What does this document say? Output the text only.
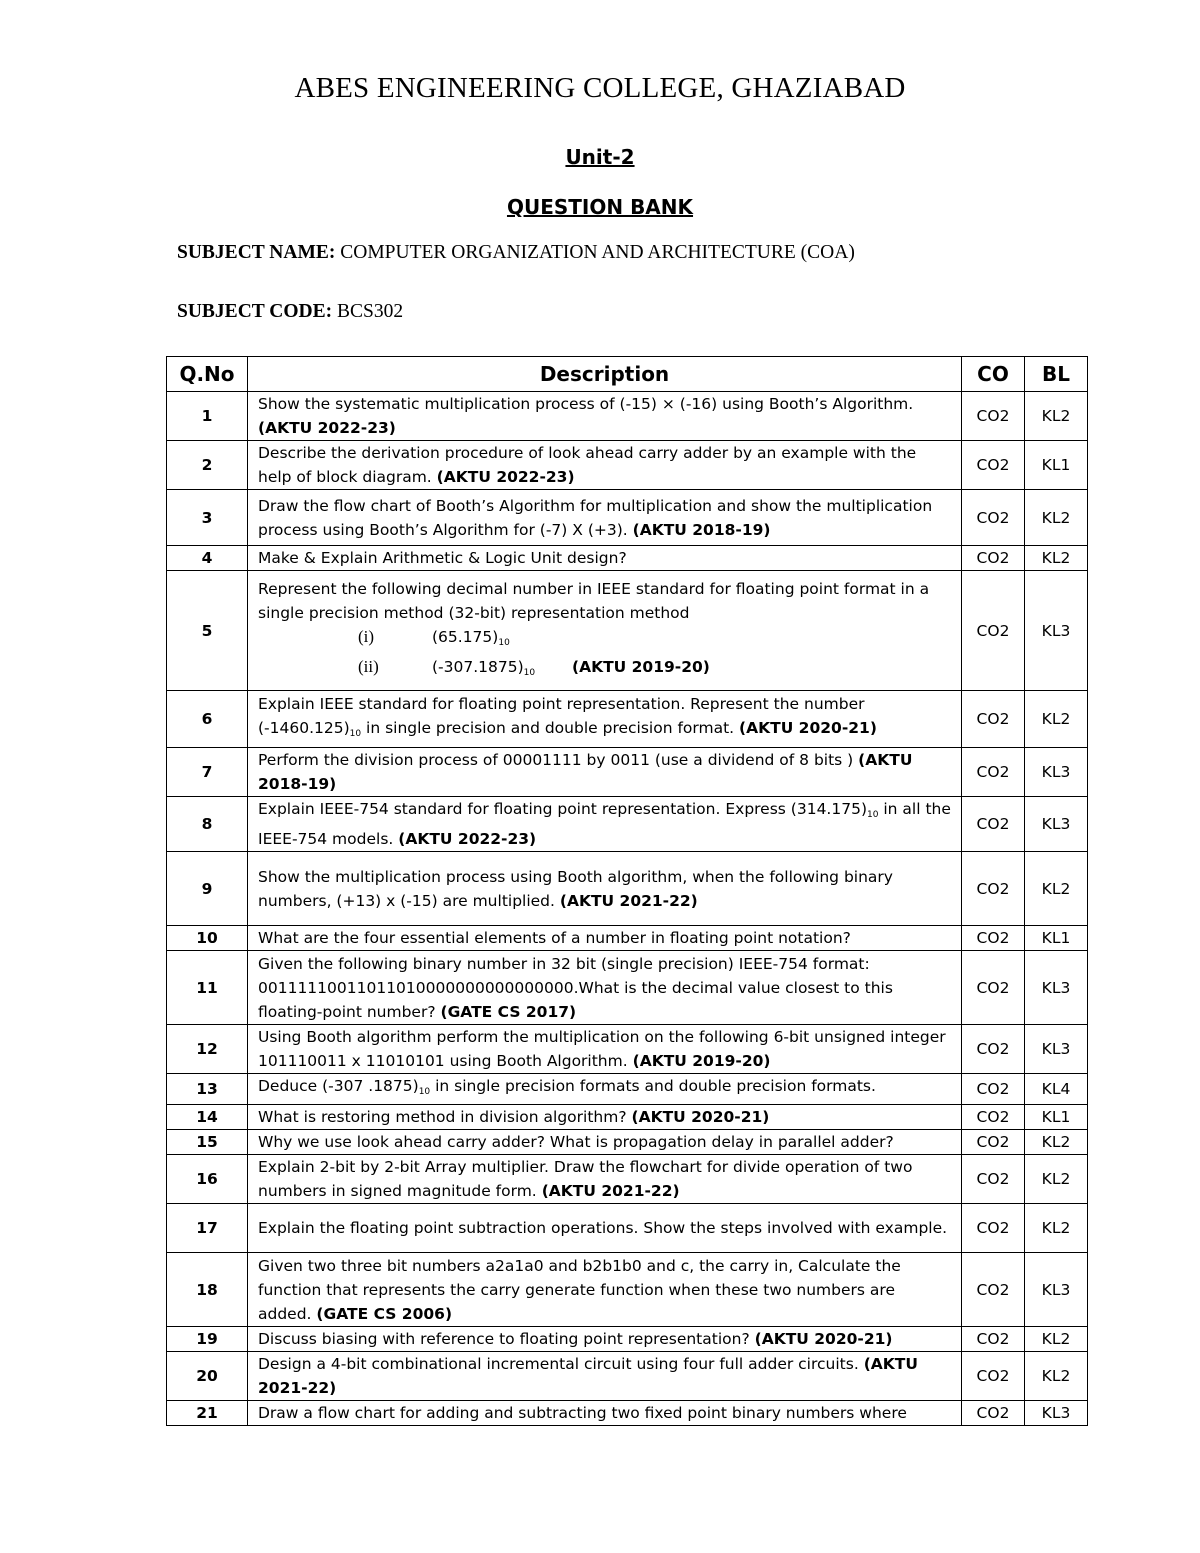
ABES ENGINEERING COLLEGE, GHAZIABAD
Unit-2
QUESTION BANK
SUBJECT NAME: COMPUTER ORGANIZATION AND ARCHITECTURE (COA)
SUBJECT CODE: BCS302
Q.No	Description	CO	BL
1	Show the systematic multiplication process of (-15) × (-16) using Booth’s Algorithm. (AKTU 2022-23)	CO2	KL2
2	Describe the derivation procedure of look ahead carry adder by an example with the help of block diagram. (AKTU 2022-23)	CO2	KL1
3	Draw the flow chart of Booth’s Algorithm for multiplication and show the multiplication process using Booth’s Algorithm for (-7) X (+3). (AKTU 2018-19)	CO2	KL2
4	Make & Explain Arithmetic & Logic Unit design?	CO2	KL2
5	Represent the following decimal number in IEEE standard for floating point format in a single precision method (32-bit) representation method
(i) $(65.175)_{10}$
(ii) $(-307.1875)_{10}$ (AKTU 2019-20)	CO2	KL3
6	Explain IEEE standard for floating point representation. Represent the number $(-1460.125)_{10}$ in single precision and double precision format. (AKTU 2020-21)	CO2	KL2
7	Perform the division process of 00001111 by 0011 (use a dividend of 8 bits ) (AKTU 2018-19)	CO2	KL3
8	Explain IEEE-754 standard for floating point representation. Express $(314.175)_{10}$ in all the IEEE-754 models. (AKTU 2022-23)	CO2	KL3
9	Show the multiplication process using Booth algorithm, when the following binary numbers, (+13) x (-15) are multiplied. (AKTU 2021-22)	CO2	KL2
10	What are the four essential elements of a number in floating point notation?	CO2	KL1
11	Given the following binary number in 32 bit (single precision) IEEE-754 format: 00111110011011010000000000000000.What is the decimal value closest to this floating-point number? (GATE CS 2017)	CO2	KL3
12	Using Booth algorithm perform the multiplication on the following 6-bit unsigned integer 101110011 x 11010101 using Booth Algorithm. (AKTU 2019-20)	CO2	KL3
13	Deduce (-307 $.1875)_{10}$ in single precision formats and double precision formats.	CO2	KL4
14	What is restoring method in division algorithm? (AKTU 2020-21)	CO2	KL1
15	Why we use look ahead carry adder? What is propagation delay in parallel adder?	CO2	KL2
16	Explain 2-bit by 2-bit Array multiplier. Draw the flowchart for divide operation of two numbers in signed magnitude form. (AKTU 2021-22)	CO2	KL2
17	Explain the floating point subtraction operations. Show the steps involved with example.	CO2	KL2
18	Given two three bit numbers a2a1a0 and b2b1b0 and c, the carry in, Calculate the function that represents the carry generate function when these two numbers are added. (GATE CS 2006)	CO2	KL3
19	Discuss biasing with reference to floating point representation? (AKTU 2020-21)	CO2	KL2
20	Design a 4-bit combinational incremental circuit using four full adder circuits. (AKTU 2021-22)	CO2	KL2
21	Draw a flow chart for adding and subtracting two fixed point binary numbers where	CO2	KL3
